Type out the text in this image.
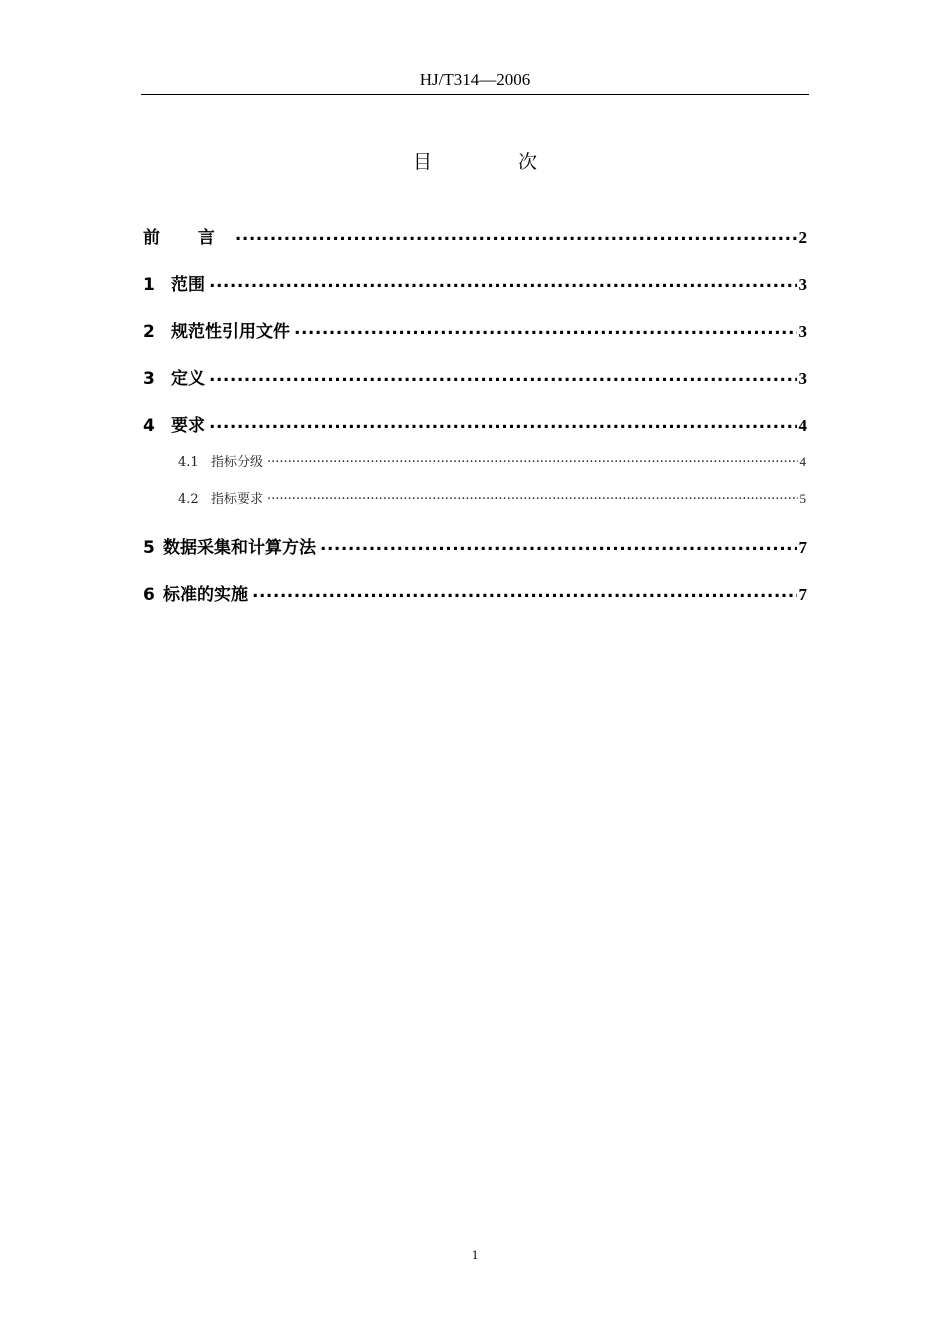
HJ/T314—2006
目 次
前 言 .....	2
1 范围 .....	3
2 规范性引用文件 .....	3
3 定义 .....	3
4 要求 .....	4
4.1 指标分级 .....	4
4.2 指标要求 .....	5
5 数据采集和计算方法 .....	7
6 标准的实施 .....	7
1
